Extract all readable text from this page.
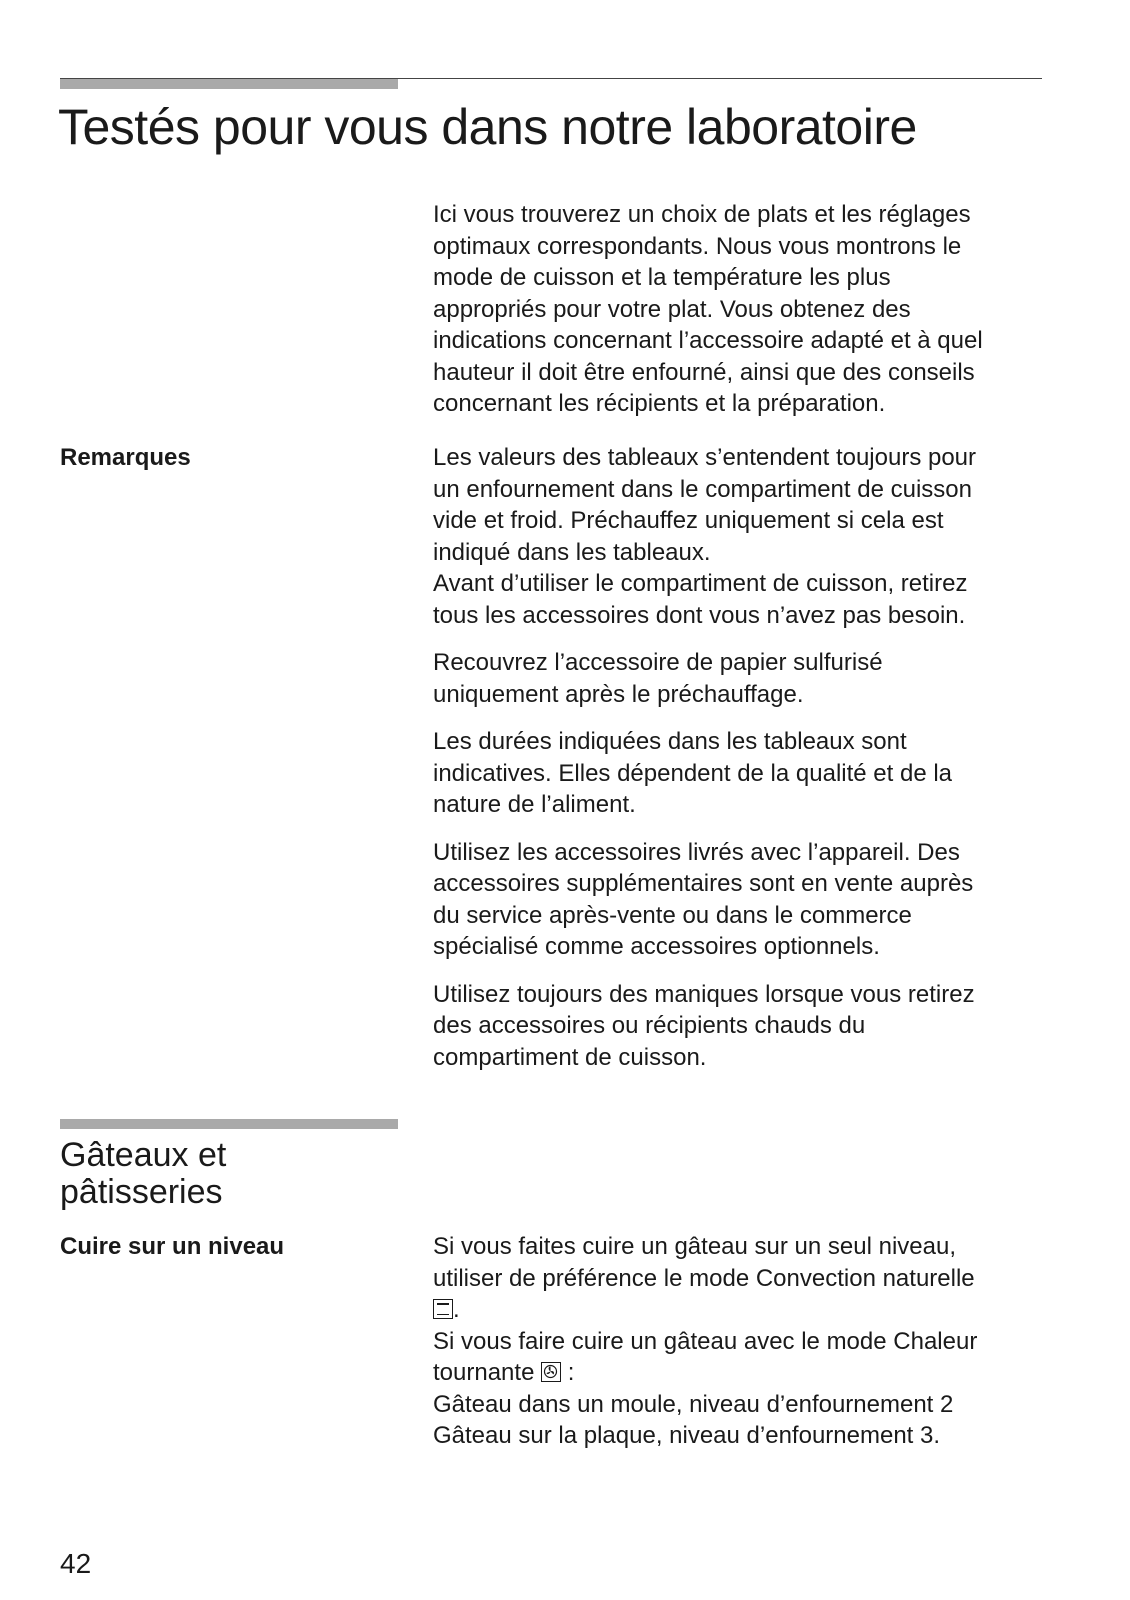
Testés pour vous dans notre laboratoire

Ici vous trouverez un choix de plats et les réglages
optimaux correspondants. Nous vous montrons le
mode de cuisson et la température les plus
appropriés pour votre plat. Vous obtenez des
indications concernant l’accessoire adapté et à quel
hauteur il doit être enfourné, ainsi que des conseils
concernant les récipients et la préparation.

Remarques	Les valeurs des tableaux s’entendent toujours pour
un enfournement dans le compartiment de cuisson
vide et froid. Préchauffez uniquement si cela est
indiqué dans les tableaux.
Avant d’utiliser le compartiment de cuisson, retirez
tous les accessoires dont vous n’avez pas besoin.

Recouvrez l’accessoire de papier sulfurisé
uniquement après le préchauffage.

Les durées indiquées dans les tableaux sont
indicatives. Elles dépendent de la qualité et de la
nature de l’aliment.

Utilisez les accessoires livrés avec l’appareil. Des
accessoires supplémentaires sont en vente auprès
du service après-vente ou dans le commerce
spécialisé comme accessoires optionnels.

Utilisez toujours des maniques lorsque vous retirez
des accessoires ou récipients chauds du
compartiment de cuisson.

Gâteaux et
pâtisseries

Cuire sur un niveau	Si vous faites cuire un gâteau sur un seul niveau,
utiliser de préférence le mode Convection naturelle

.
Si vous faire cuire un gâteau avec le mode Chaleur
tournante
:
Gâteau dans un moule, niveau d’enfournement 2
Gâteau sur la plaque, niveau d’enfournement 3.

42
